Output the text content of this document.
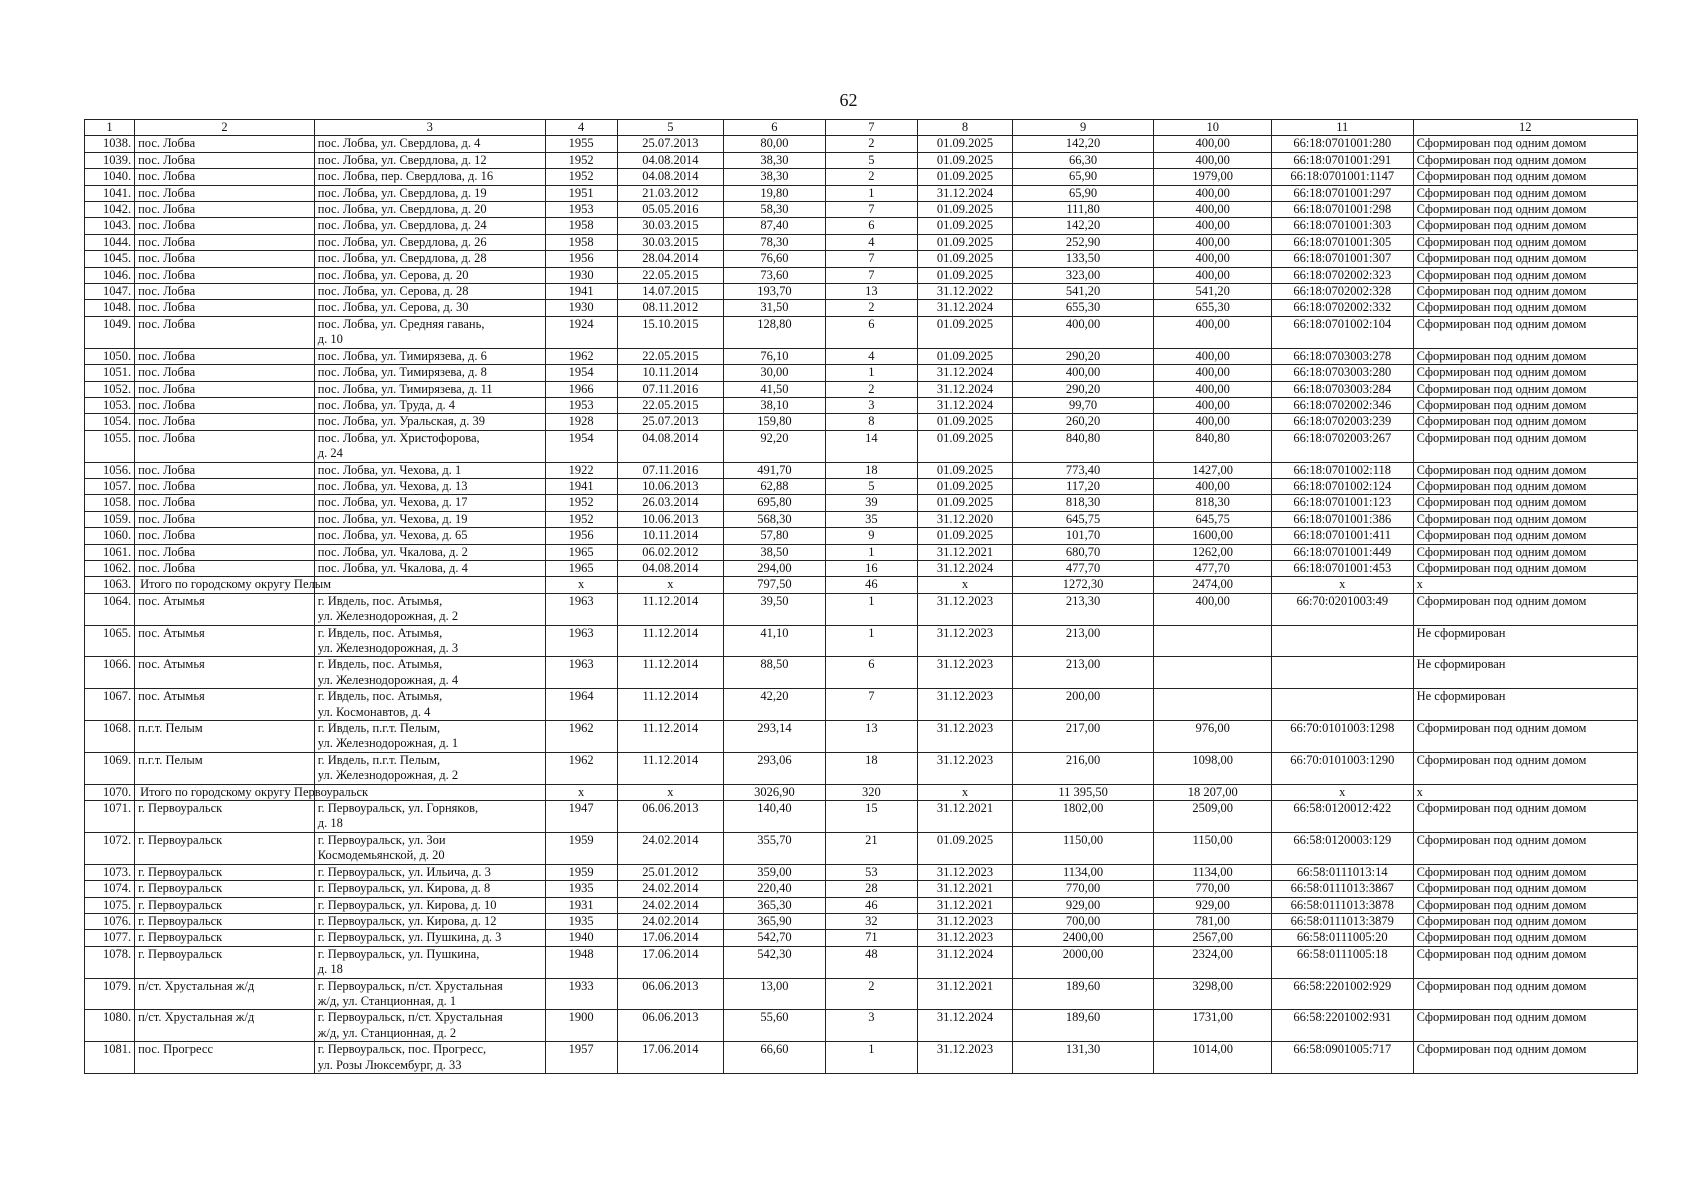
62
1	2	3	4	5	6	7	8	9	10	11	12
1038.	пос. Лобва	пос. Лобва, ул. Свердлова, д. 4	1955	25.07.2013	80,00	2	01.09.2025	142,20	400,00	66:18:0701001:280	Сформирован под одним домом
1039.	пос. Лобва	пос. Лобва, ул. Свердлова, д. 12	1952	04.08.2014	38,30	5	01.09.2025	66,30	400,00	66:18:0701001:291	Сформирован под одним домом
1040.	пос. Лобва	пос. Лобва, пер. Свердлова, д. 16	1952	04.08.2014	38,30	2	01.09.2025	65,90	1979,00	66:18:0701001:1147	Сформирован под одним домом
1041.	пос. Лобва	пос. Лобва, ул. Свердлова, д. 19	1951	21.03.2012	19,80	1	31.12.2024	65,90	400,00	66:18:0701001:297	Сформирован под одним домом
1042.	пос. Лобва	пос. Лобва, ул. Свердлова, д. 20	1953	05.05.2016	58,30	7	01.09.2025	111,80	400,00	66:18:0701001:298	Сформирован под одним домом
1043.	пос. Лобва	пос. Лобва, ул. Свердлова, д. 24	1958	30.03.2015	87,40	6	01.09.2025	142,20	400,00	66:18:0701001:303	Сформирован под одним домом
1044.	пос. Лобва	пос. Лобва, ул. Свердлова, д. 26	1958	30.03.2015	78,30	4	01.09.2025	252,90	400,00	66:18:0701001:305	Сформирован под одним домом
1045.	пос. Лобва	пос. Лобва, ул. Свердлова, д. 28	1956	28.04.2014	76,60	7	01.09.2025	133,50	400,00	66:18:0701001:307	Сформирован под одним домом
1046.	пос. Лобва	пос. Лобва, ул. Серова, д. 20	1930	22.05.2015	73,60	7	01.09.2025	323,00	400,00	66:18:0702002:323	Сформирован под одним домом
1047.	пос. Лобва	пос. Лобва, ул. Серова, д. 28	1941	14.07.2015	193,70	13	31.12.2022	541,20	541,20	66:18:0702002:328	Сформирован под одним домом
1048.	пос. Лобва	пос. Лобва, ул. Серова, д. 30	1930	08.11.2012	31,50	2	31.12.2024	655,30	655,30	66:18:0702002:332	Сформирован под одним домом
1049.	пос. Лобва	пос. Лобва, ул. Средняя гавань,
д. 10	1924	15.10.2015	128,80	6	01.09.2025	400,00	400,00	66:18:0701002:104	Сформирован под одним домом
1050.	пос. Лобва	пос. Лобва, ул. Тимирязева, д. 6	1962	22.05.2015	76,10	4	01.09.2025	290,20	400,00	66:18:0703003:278	Сформирован под одним домом
1051.	пос. Лобва	пос. Лобва, ул. Тимирязева, д. 8	1954	10.11.2014	30,00	1	31.12.2024	400,00	400,00	66:18:0703003:280	Сформирован под одним домом
1052.	пос. Лобва	пос. Лобва, ул. Тимирязева, д. 11	1966	07.11.2016	41,50	2	31.12.2024	290,20	400,00	66:18:0703003:284	Сформирован под одним домом
1053.	пос. Лобва	пос. Лобва, ул. Труда, д. 4	1953	22.05.2015	38,10	3	31.12.2024	99,70	400,00	66:18:0702002:346	Сформирован под одним домом
1054.	пос. Лобва	пос. Лобва, ул. Уральская, д. 39	1928	25.07.2013	159,80	8	01.09.2025	260,20	400,00	66:18:0702003:239	Сформирован под одним домом
1055.	пос. Лобва	пос. Лобва, ул. Христофорова,
д. 24	1954	04.08.2014	92,20	14	01.09.2025	840,80	840,80	66:18:0702003:267	Сформирован под одним домом
1056.	пос. Лобва	пос. Лобва, ул. Чехова, д. 1	1922	07.11.2016	491,70	18	01.09.2025	773,40	1427,00	66:18:0701002:118	Сформирован под одним домом
1057.	пос. Лобва	пос. Лобва, ул. Чехова, д. 13	1941	10.06.2013	62,88	5	01.09.2025	117,20	400,00	66:18:0701002:124	Сформирован под одним домом
1058.	пос. Лобва	пос. Лобва, ул. Чехова, д. 17	1952	26.03.2014	695,80	39	01.09.2025	818,30	818,30	66:18:0701001:123	Сформирован под одним домом
1059.	пос. Лобва	пос. Лобва, ул. Чехова, д. 19	1952	10.06.2013	568,30	35	31.12.2020	645,75	645,75	66:18:0701001:386	Сформирован под одним домом
1060.	пос. Лобва	пос. Лобва, ул. Чехова, д. 65	1956	10.11.2014	57,80	9	01.09.2025	101,70	1600,00	66:18:0701001:411	Сформирован под одним домом
1061.	пос. Лобва	пос. Лобва, ул. Чкалова, д. 2	1965	06.02.2012	38,50	1	31.12.2021	680,70	1262,00	66:18:0701001:449	Сформирован под одним домом
1062.	пос. Лобва	пос. Лобва, ул. Чкалова, д. 4	1965	04.08.2014	294,00	16	31.12.2024	477,70	477,70	66:18:0701001:453	Сформирован под одним домом
1063.	Итого по городскому округу Пелым		x	x	797,50	46	x	1272,30	2474,00	x	x
1064.	пос. Атымья	г. Ивдель, пос. Атымья,
ул. Железнодорожная, д. 2	1963	11.12.2014	39,50	1	31.12.2023	213,30	400,00	66:70:0201003:49	Сформирован под одним домом
1065.	пос. Атымья	г. Ивдель, пос. Атымья,
ул. Железнодорожная, д. 3	1963	11.12.2014	41,10	1	31.12.2023	213,00			Не сформирован
1066.	пос. Атымья	г. Ивдель, пос. Атымья,
ул. Железнодорожная, д. 4	1963	11.12.2014	88,50	6	31.12.2023	213,00			Не сформирован
1067.	пос. Атымья	г. Ивдель, пос. Атымья,
ул. Космонавтов, д. 4	1964	11.12.2014	42,20	7	31.12.2023	200,00			Не сформирован
1068.	п.г.т. Пелым	г. Ивдель, п.г.т. Пелым,
ул. Железнодорожная, д. 1	1962	11.12.2014	293,14	13	31.12.2023	217,00	976,00	66:70:0101003:1298	Сформирован под одним домом
1069.	п.г.т. Пелым	г. Ивдель, п.г.т. Пелым,
ул. Железнодорожная, д. 2	1962	11.12.2014	293,06	18	31.12.2023	216,00	1098,00	66:70:0101003:1290	Сформирован под одним домом
1070.	Итого по городскому округу Первоуральск		x	x	3026,90	320	x	11 395,50	18 207,00	x	x
1071.	г. Первоуральск	г. Первоуральск, ул. Горняков,
д. 18	1947	06.06.2013	140,40	15	31.12.2021	1802,00	2509,00	66:58:0120012:422	Сформирован под одним домом
1072.	г. Первоуральск	г. Первоуральск, ул. Зои
Космодемьянской, д. 20	1959	24.02.2014	355,70	21	01.09.2025	1150,00	1150,00	66:58:0120003:129	Сформирован под одним домом
1073.	г. Первоуральск	г. Первоуральск, ул. Ильича, д. 3	1959	25.01.2012	359,00	53	31.12.2023	1134,00	1134,00	66:58:0111013:14	Сформирован под одним домом
1074.	г. Первоуральск	г. Первоуральск, ул. Кирова, д. 8	1935	24.02.2014	220,40	28	31.12.2021	770,00	770,00	66:58:0111013:3867	Сформирован под одним домом
1075.	г. Первоуральск	г. Первоуральск, ул. Кирова, д. 10	1931	24.02.2014	365,30	46	31.12.2021	929,00	929,00	66:58:0111013:3878	Сформирован под одним домом
1076.	г. Первоуральск	г. Первоуральск, ул. Кирова, д. 12	1935	24.02.2014	365,90	32	31.12.2023	700,00	781,00	66:58:0111013:3879	Сформирован под одним домом
1077.	г. Первоуральск	г. Первоуральск, ул. Пушкина, д. 3	1940	17.06.2014	542,70	71	31.12.2023	2400,00	2567,00	66:58:0111005:20	Сформирован под одним домом
1078.	г. Первоуральск	г. Первоуральск, ул. Пушкина,
д. 18	1948	17.06.2014	542,30	48	31.12.2024	2000,00	2324,00	66:58:0111005:18	Сформирован под одним домом
1079.	п/ст. Хрустальная ж/д	г. Первоуральск, п/ст. Хрустальная
ж/д, ул. Станционная, д. 1	1933	06.06.2013	13,00	2	31.12.2021	189,60	3298,00	66:58:2201002:929	Сформирован под одним домом
1080.	п/ст. Хрустальная ж/д	г. Первоуральск, п/ст. Хрустальная
ж/д, ул. Станционная, д. 2	1900	06.06.2013	55,60	3	31.12.2024	189,60	1731,00	66:58:2201002:931	Сформирован под одним домом
1081.	пос. Прогресс	г. Первоуральск, пос. Прогресс,
ул. Розы Люксембург, д. 33	1957	17.06.2014	66,60	1	31.12.2023	131,30	1014,00	66:58:0901005:717	Сформирован под одним домом
